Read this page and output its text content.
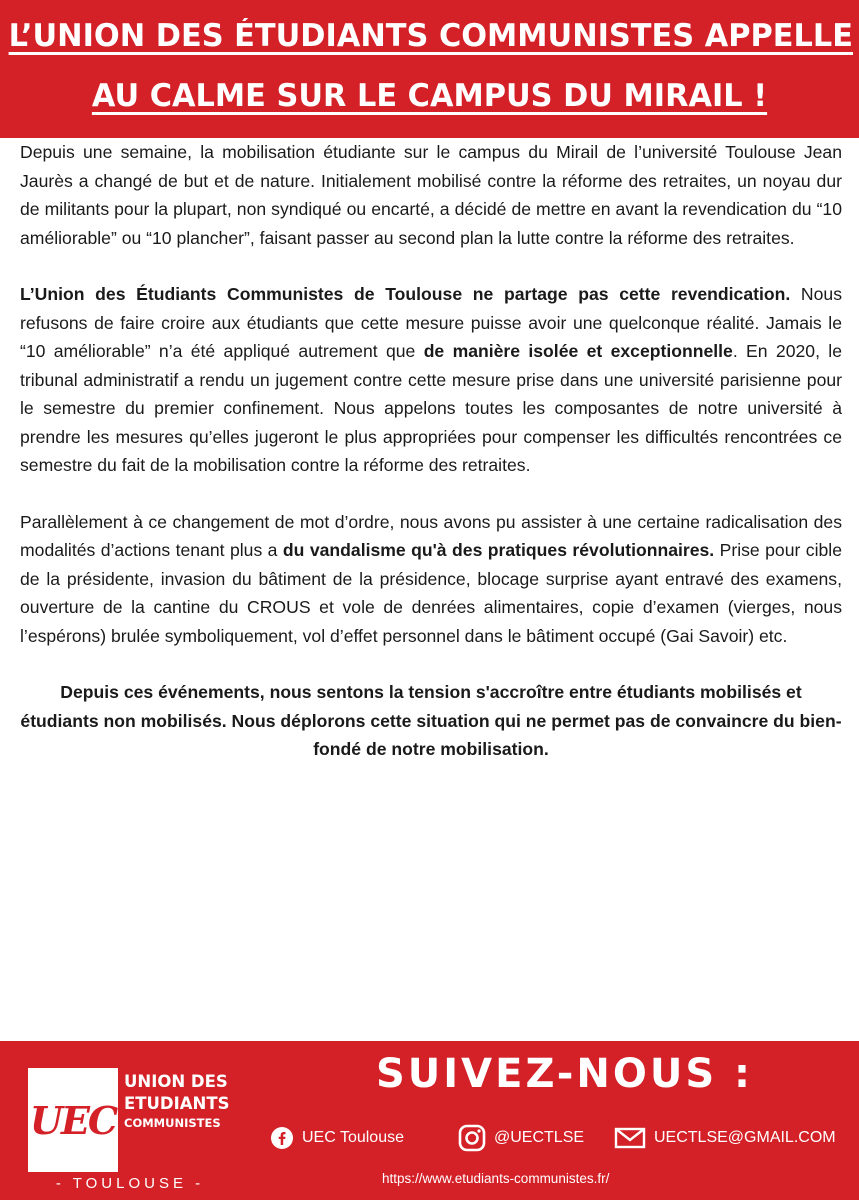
L’UNION DES ÉTUDIANTS COMMUNISTES APPELLE
AU CALME SUR LE CAMPUS DU MIRAIL !

Depuis une semaine, la mobilisation étudiante sur le campus du Mirail de l’université Toulouse Jean Jaurès a changé de but et de nature. Initialement mobilisé contre la réforme des retraites, un noyau dur de militants pour la plupart, non syndiqué ou encarté, a décidé de mettre en avant la revendication du “10 améliorable” ou “10 plancher”, faisant passer au second plan la lutte contre la réforme des retraites.

L’Union des Étudiants Communistes de Toulouse ne partage pas cette revendication. Nous refusons de faire croire aux étudiants que cette mesure puisse avoir une quelconque réalité. Jamais le “10 améliorable” n’a été appliqué autrement que de manière isolée et exceptionnelle. En 2020, le tribunal administratif a rendu un jugement contre cette mesure prise dans une université parisienne pour le semestre du premier confinement. Nous appelons toutes les composantes de notre université à prendre les mesures qu’elles jugeront le plus appropriées pour compenser les difficultés rencontrées ce semestre du fait de la mobilisation contre la réforme des retraites.

Parallèlement à ce changement de mot d’ordre, nous avons pu assister à une certaine radicalisation des modalités d’actions tenant plus a du vandalisme qu'à des pratiques révolutionnaires. Prise pour cible de la présidente, invasion du bâtiment de la présidence, blocage surprise ayant entravé des examens, ouverture de la cantine du CROUS et vole de denrées alimentaires, copie d’examen (vierges, nous l’espérons) brulée symboliquement, vol d’effet personnel dans le bâtiment occupé (Gai Savoir) etc.

Depuis ces événements, nous sentons la tension s'accroître entre étudiants mobilisés et étudiants non mobilisés. Nous déplorons cette situation qui ne permet pas de convaincre du bien-fondé de notre mobilisation.

UEC
UNION DES
ETUDIANTS
COMMUNISTES
- TOULOUSE -
SUIVEZ-NOUS :
UEC Toulouse	@UECTLSE	UECTLSE@GMAIL.COM
https://www.etudiants-communistes.fr/
